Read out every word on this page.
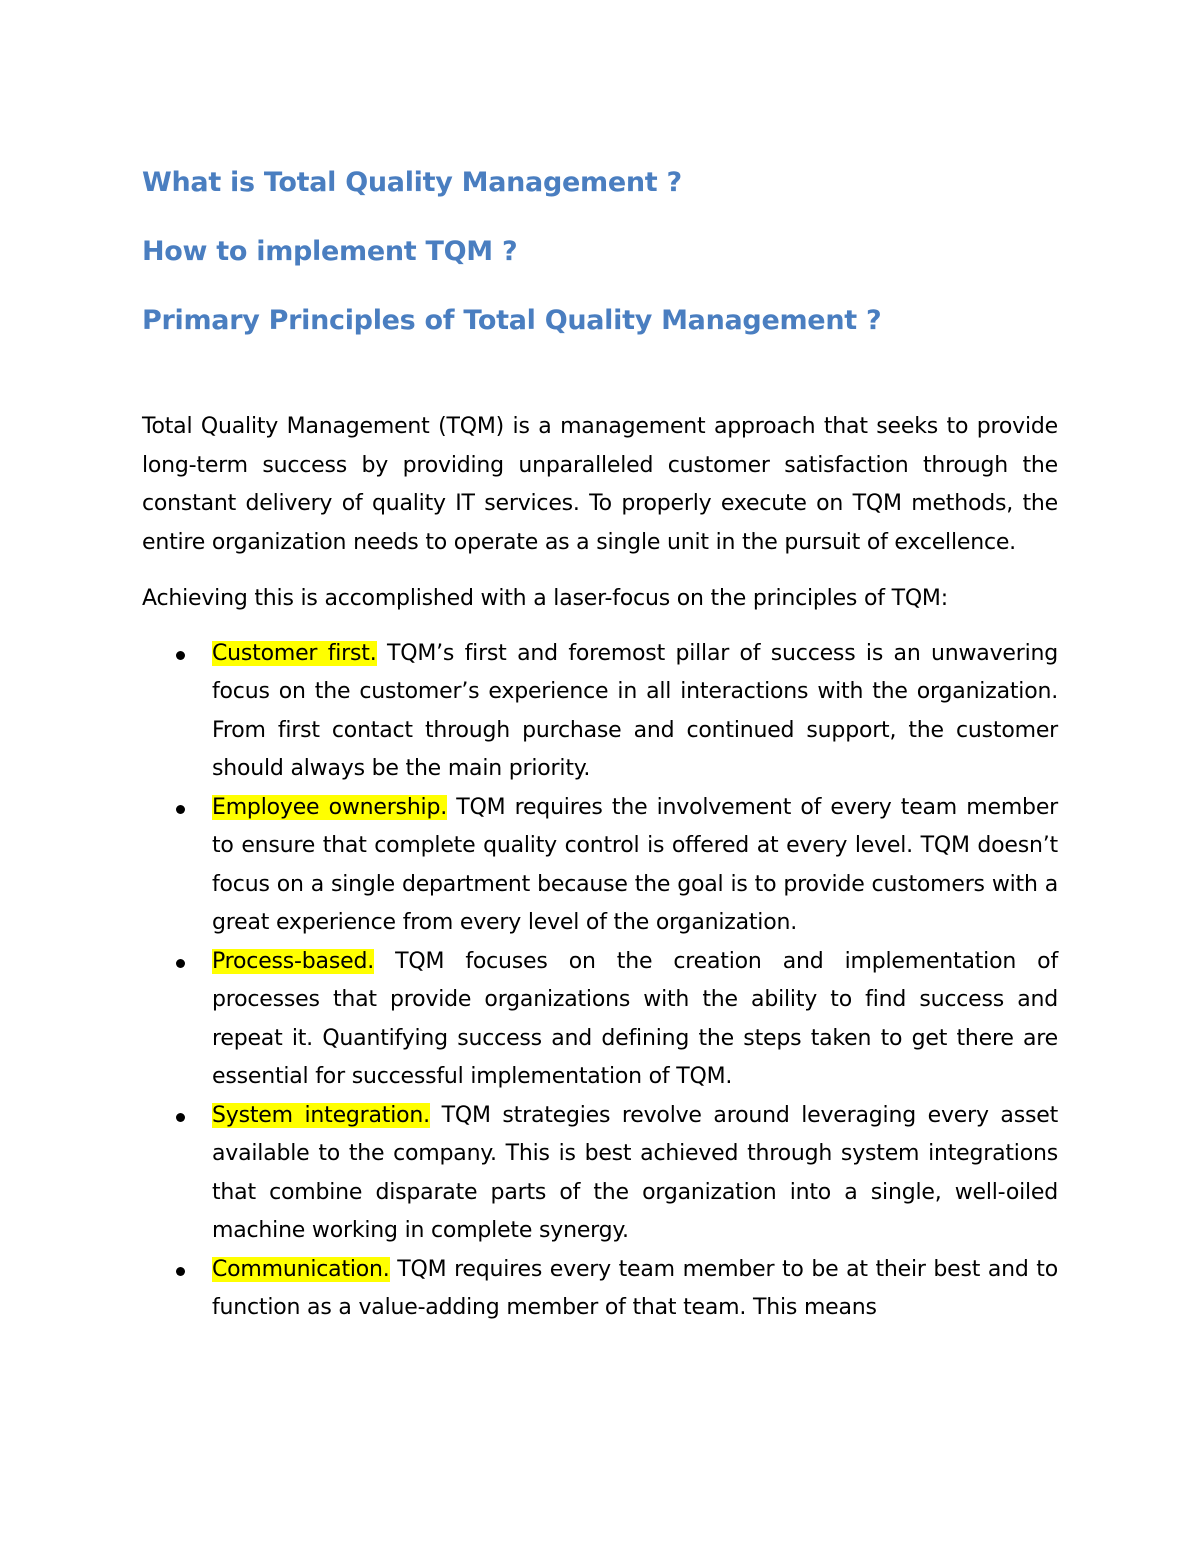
What is Total Quality Management ?
How to implement TQM ?
Primary Principles of Total Quality Management ?

Total Quality Management (TQM) is a management approach that seeks to provide long-term success by providing unparalleled customer satisfaction through the constant delivery of quality IT services. To properly execute on TQM methods, the entire organization needs to operate as a single unit in the pursuit of excellence.

Achieving this is accomplished with a laser-focus on the principles of TQM:

Customer first. TQM’s first and foremost pillar of success is an unwavering focus on the customer’s experience in all interactions with the organization. From first contact through purchase and continued support, the customer should always be the main priority.
Employee ownership. TQM requires the involvement of every team member to ensure that complete quality control is offered at every level. TQM doesn’t focus on a single department because the goal is to provide customers with a great experience from every level of the organization.
Process-based. TQM focuses on the creation and implementation of processes that provide organizations with the ability to find success and repeat it. Quantifying success and defining the steps taken to get there are essential for successful implementation of TQM.
System integration. TQM strategies revolve around leveraging every asset available to the company. This is best achieved through system integrations that combine disparate parts of the organization into a single, well-oiled machine working in complete synergy.
Communication. TQM requires every team member to be at their best and to function as a value-adding member of that team. This means
